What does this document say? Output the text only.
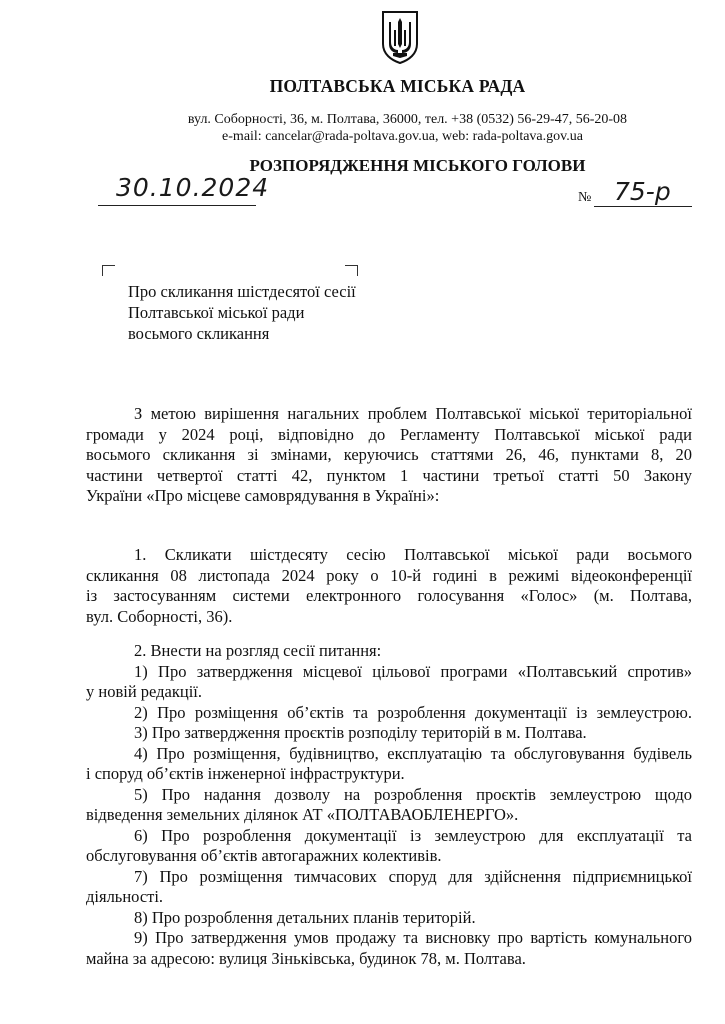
ПОЛТАВСЬКА МІСЬКА РАДА
вул. Соборності, 36, м. Полтава, 36000, тел. +38 (0532) 56-29-47, 56-20-08
e-mail: cancelar@rada-poltava.gov.ua, web: rada-poltava.gov.ua
РОЗПОРЯДЖЕННЯ МІСЬКОГО ГОЛОВИ
30.10.2024	№ 75-р
Про скликання шістдесятої сесії
Полтавської міської ради
восьмого скликання
З метою вирішення нагальних проблем Полтавської міської територіальної
громади у 2024 році, відповідно до Регламенту Полтавської міської ради
восьмого скликання зі змінами, керуючись статтями 26, 46, пунктами 8, 20
частини четвертої статті 42, пунктом 1 частини третьої статті 50 Закону
України «Про місцеве самоврядування в Україні»:
1. Скликати шістдесяту сесію Полтавської міської ради восьмого
скликання 08 листопада 2024 року о 10-й годині в режимі відеоконференції
із застосуванням системи електронного голосування «Голос» (м. Полтава,
вул. Соборності, 36).
2. Внести на розгляд сесії питання:
1) Про затвердження місцевої цільової програми «Полтавський спротив»
у новій редакції.
2) Про розміщення об’єктів та розроблення документації із землеустрою.
3) Про затвердження проєктів розподілу територій в м. Полтава.
4) Про розміщення, будівництво, експлуатацію та обслуговування будівель
і споруд об’єктів інженерної інфраструктури.
5) Про надання дозволу на розроблення проєктів землеустрою щодо
відведення земельних ділянок АТ «ПОЛТАВАОБЛЕНЕРГО».
6) Про розроблення документації із землеустрою для експлуатації та
обслуговування об’єктів автогаражних колективів.
7) Про розміщення тимчасових споруд для здійснення підприємницької
діяльності.
8) Про розроблення детальних планів територій.
9) Про затвердження умов продажу та висновку про вартість комунального
майна за адресою: вулиця Зіньківська, будинок 78, м. Полтава.
